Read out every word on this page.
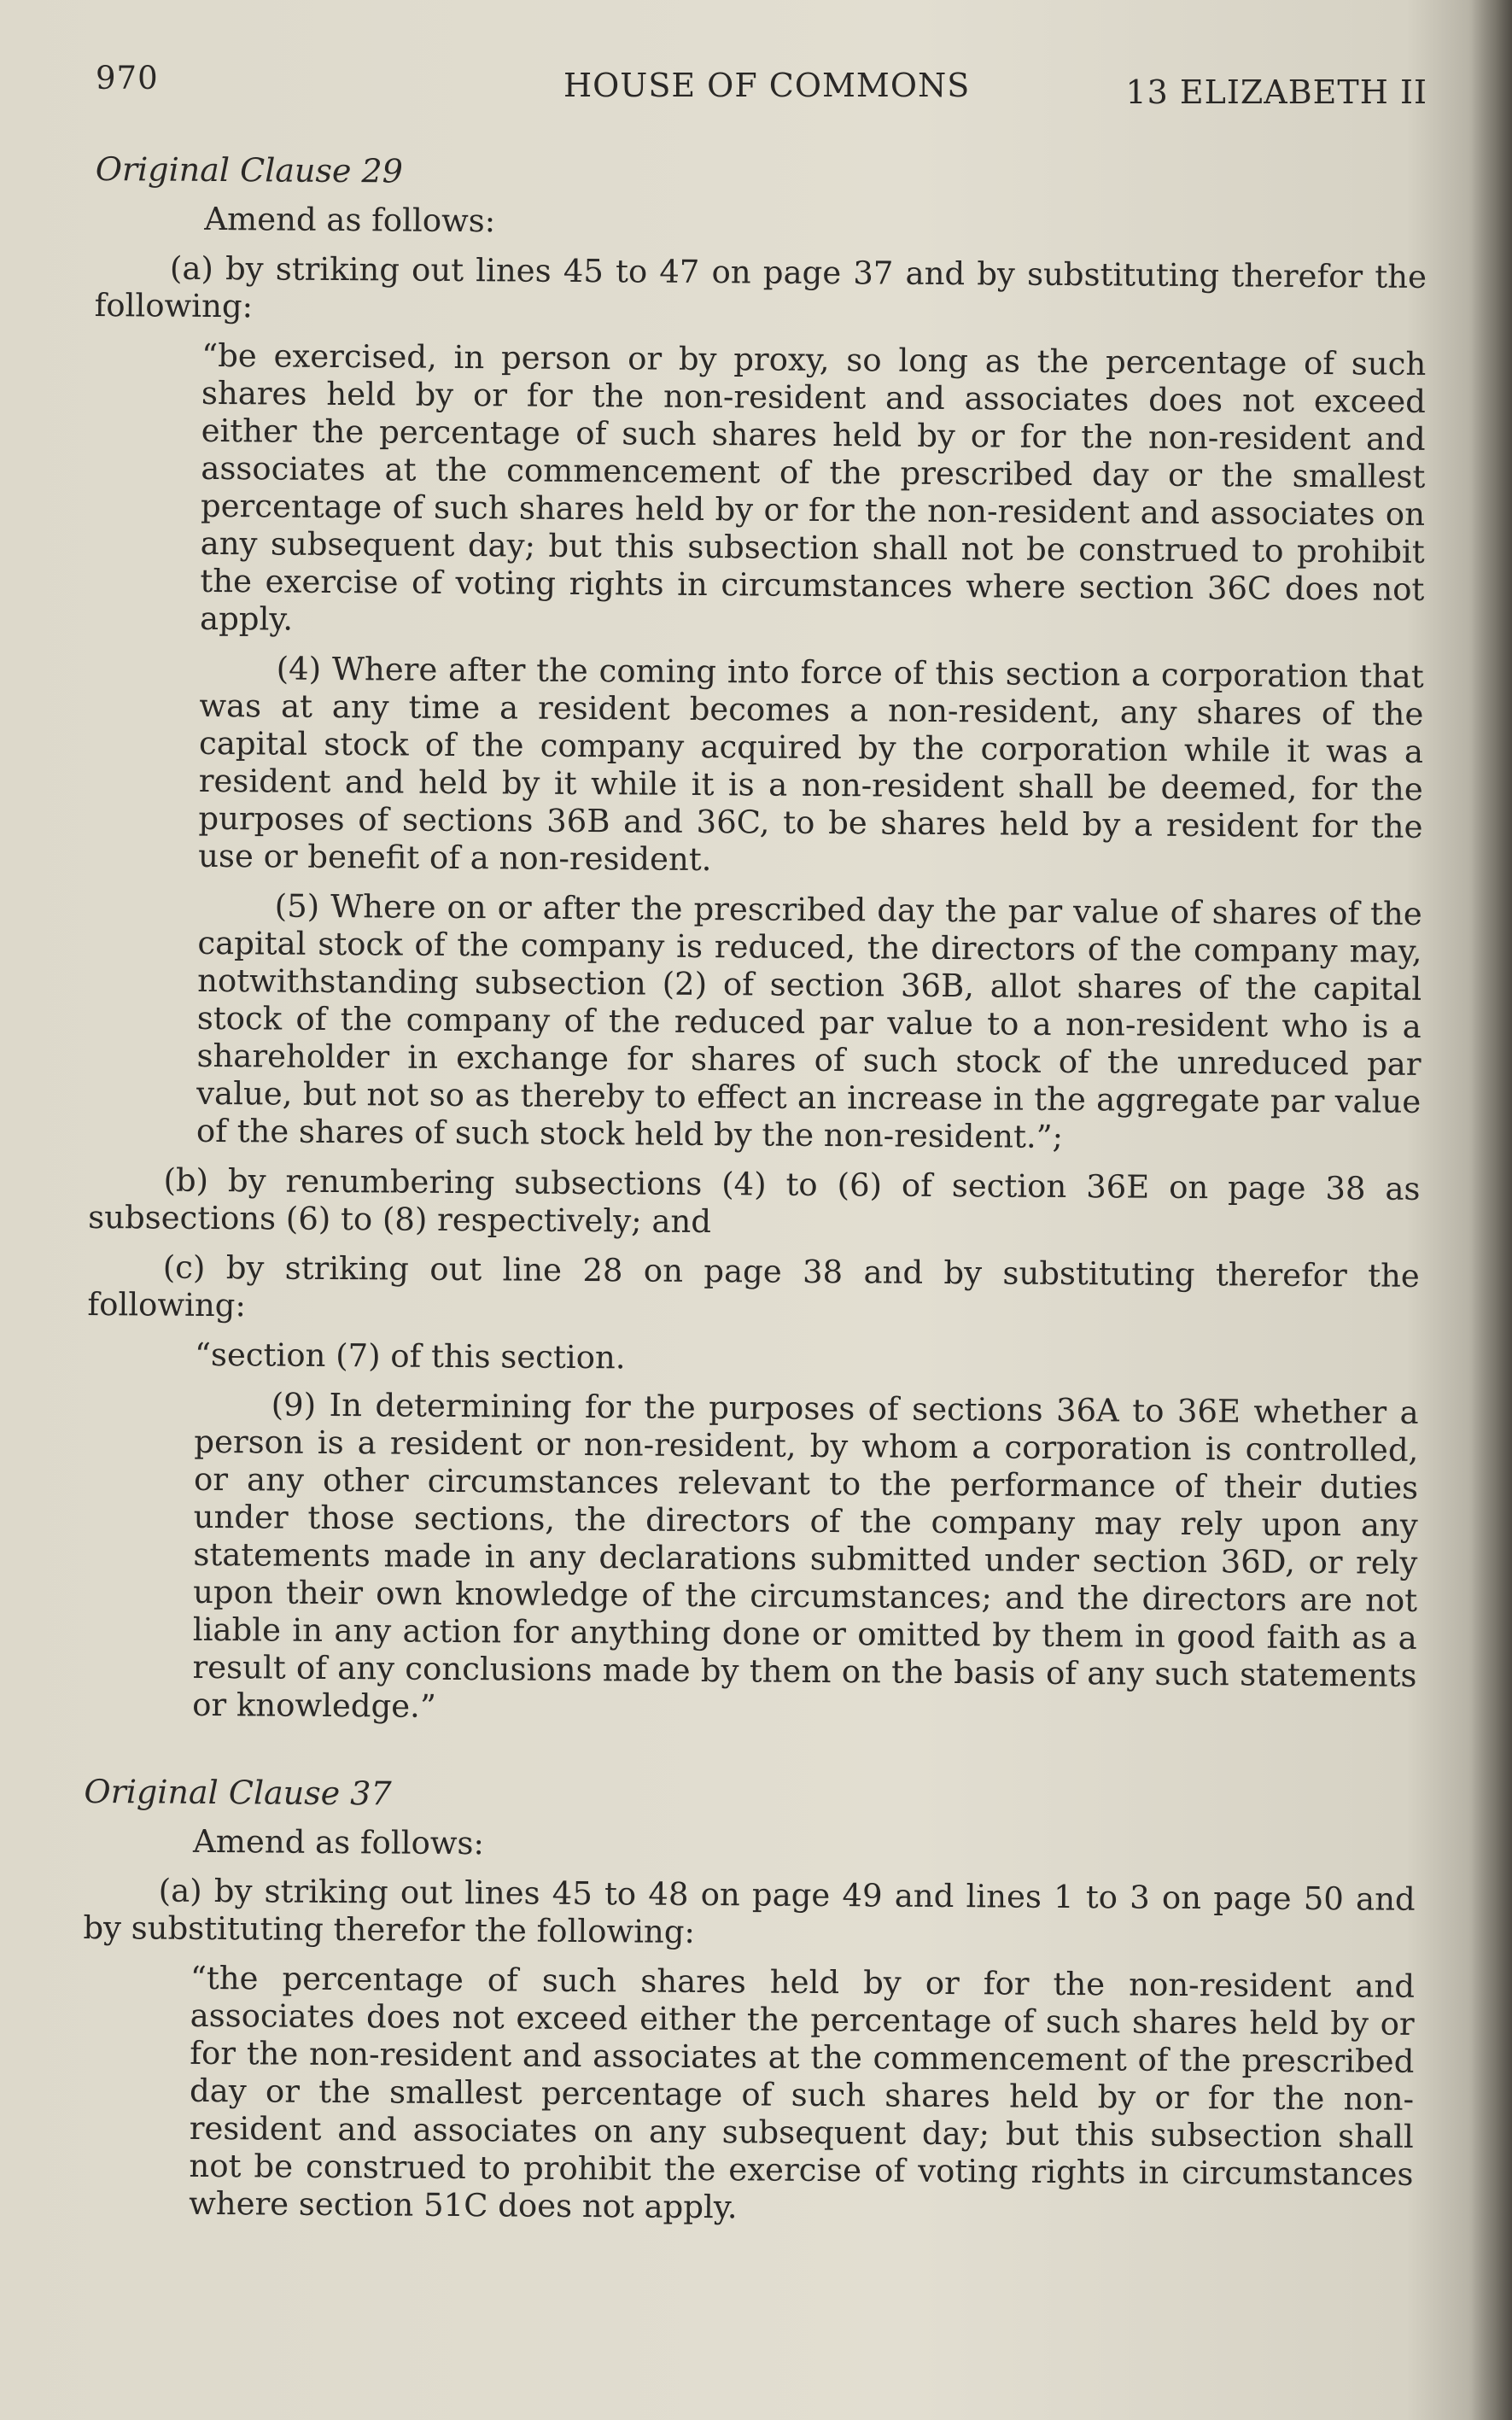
970	HOUSE OF COMMONS	13 ELIZABETH II
Original Clause 29

Amend as follows:

(a) by striking out lines 45 to 47 on page 37 and by substituting therefor the following:

“be exercised, in person or by proxy, so long as the percentage of such shares held by or for the non-resident and associates does not exceed either the percentage of such shares held by or for the non-resident and associates at the commencement of the prescribed day or the smallest percentage of such shares held by or for the non-resident and associates on any subsequent day; but this subsection shall not be construed to prohibit the exercise of voting rights in circumstances where section 36C does not apply.

(4) Where after the coming into force of this section a corporation that was at any time a resident becomes a non-resident, any shares of the capital stock of the company acquired by the corporation while it was a resident and held by it while it is a non-resident shall be deemed, for the purposes of sections 36B and 36C, to be shares held by a resident for the use or benefit of a non-resident.

(5) Where on or after the prescribed day the par value of shares of the capital stock of the company is reduced, the directors of the company may, notwithstanding subsection (2) of section 36B, allot shares of the capital stock of the company of the reduced par value to a non-resident who is a shareholder in exchange for shares of such stock of the unreduced par value, but not so as thereby to effect an increase in the aggregate par value of the shares of such stock held by the non-resident.”;

(b) by renumbering subsections (4) to (6) of section 36E on page 38 as subsections (6) to (8) respectively; and

(c) by striking out line 28 on page 38 and by substituting therefor the following:

“section (7) of this section.

(9) In determining for the purposes of sections 36A to 36E whether a person is a resident or non-resident, by whom a corporation is controlled, or any other circumstances relevant to the performance of their duties under those sections, the directors of the company may rely upon any statements made in any declarations submitted under section 36D, or rely upon their own knowledge of the circumstances; and the directors are not liable in any action for anything done or omitted by them in good faith as a result of any conclusions made by them on the basis of any such statements or knowledge.”

Original Clause 37

Amend as follows:

(a) by striking out lines 45 to 48 on page 49 and lines 1 to 3 on page 50 and by substituting therefor the following:

“the percentage of such shares held by or for the non-resident and associates does not exceed either the percentage of such shares held by or for the non-resident and associates at the commencement of the prescribed day or the smallest percentage of such shares held by or for the non-resident and associates on any subsequent day; but this subsection shall not be construed to prohibit the exercise of voting rights in circumstances where section 51C does not apply.
